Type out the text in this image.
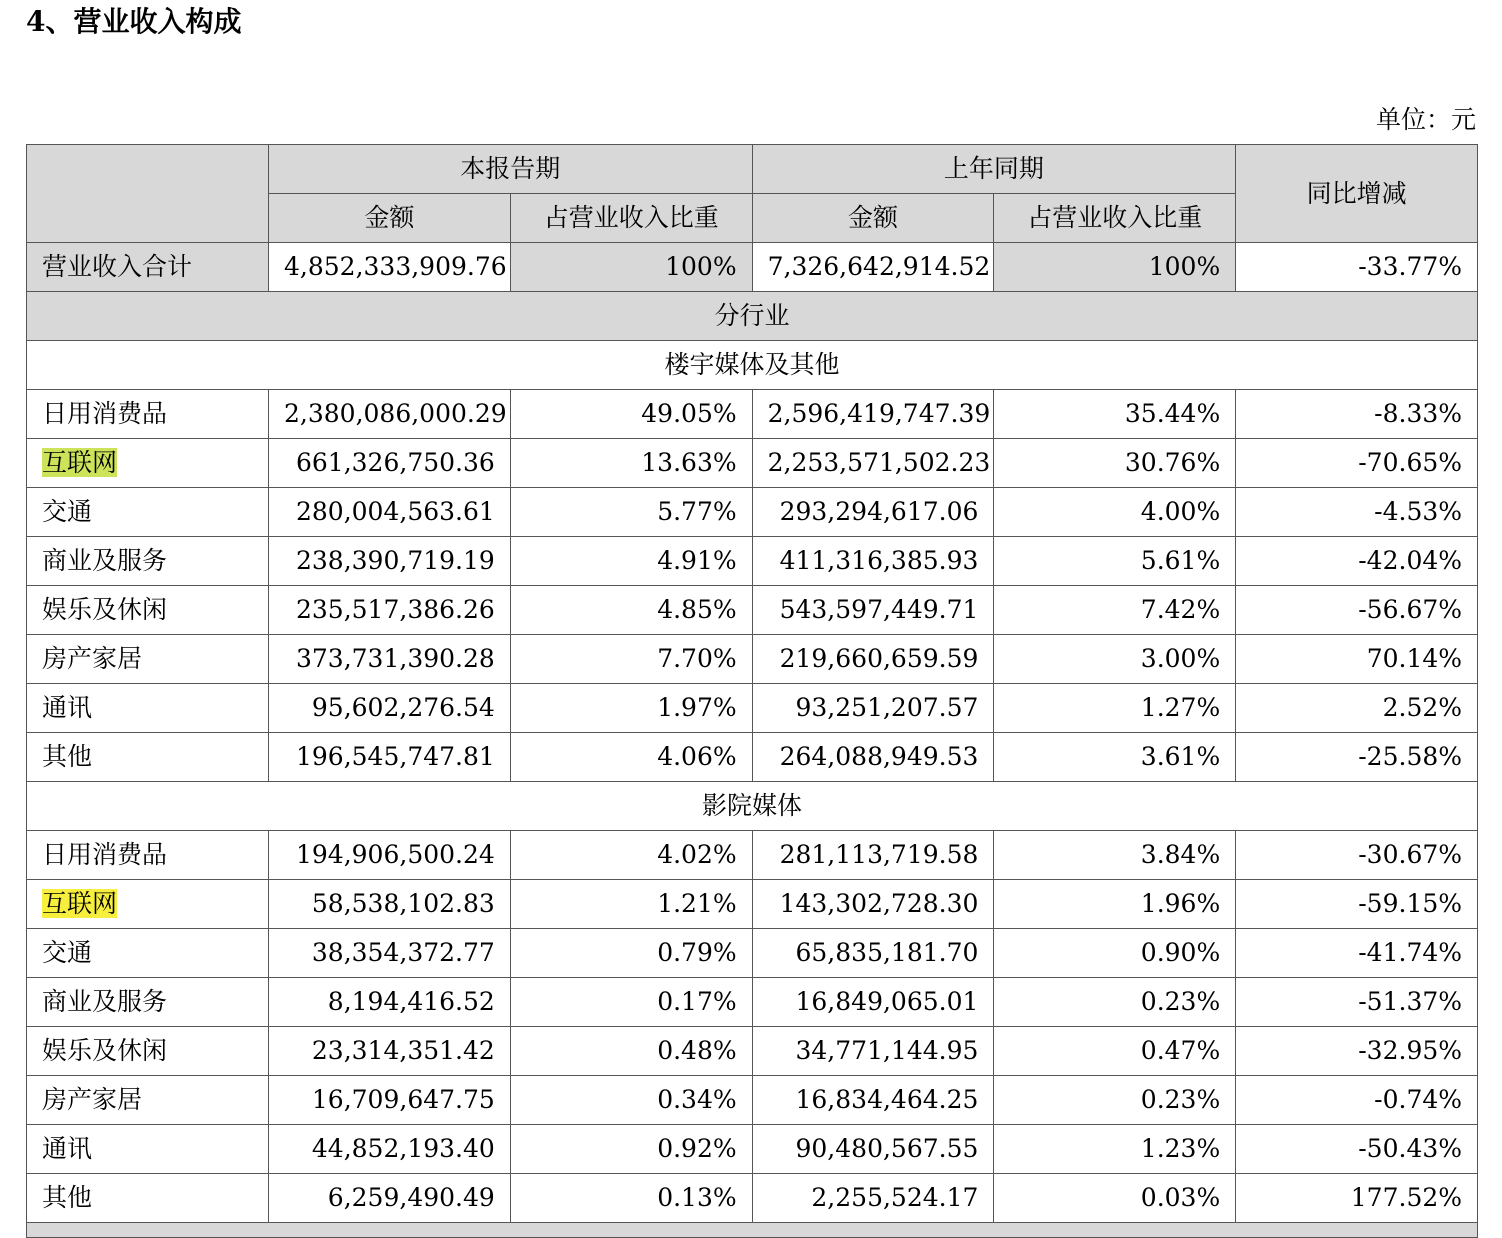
4、营业收入构成
单位：元
	本报告期		上年同期		同比增减
	金额	占营业收入比重	金额	占营业收入比重	
营业收入合计	4,852,333,909.76	100%	7,326,642,914.52	100%	-33.77%
分行业					
楼宇媒体及其他					
日用消费品	2,380,086,000.29	49.05%	2,596,419,747.39	35.44%	-8.33%
互联网	661,326,750.36	13.63%	2,253,571,502.23	30.76%	-70.65%
交通	280,004,563.61	5.77%	293,294,617.06	4.00%	-4.53%
商业及服务	238,390,719.19	4.91%	411,316,385.93	5.61%	-42.04%
娱乐及休闲	235,517,386.26	4.85%	543,597,449.71	7.42%	-56.67%
房产家居	373,731,390.28	7.70%	219,660,659.59	3.00%	70.14%
通讯	95,602,276.54	1.97%	93,251,207.57	1.27%	2.52%
其他	196,545,747.81	4.06%	264,088,949.53	3.61%	-25.58%
影院媒体					
日用消费品	194,906,500.24	4.02%	281,113,719.58	3.84%	-30.67%
互联网	58,538,102.83	1.21%	143,302,728.30	1.96%	-59.15%
交通	38,354,372.77	0.79%	65,835,181.70	0.90%	-41.74%
商业及服务	8,194,416.52	0.17%	16,849,065.01	0.23%	-51.37%
娱乐及休闲	23,314,351.42	0.48%	34,771,144.95	0.47%	-32.95%
房产家居	16,709,647.75	0.34%	16,834,464.25	0.23%	-0.74%
通讯	44,852,193.40	0.92%	90,480,567.55	1.23%	-50.43%
其他	6,259,490.49	0.13%	2,255,524.17	0.03%	177.52%
